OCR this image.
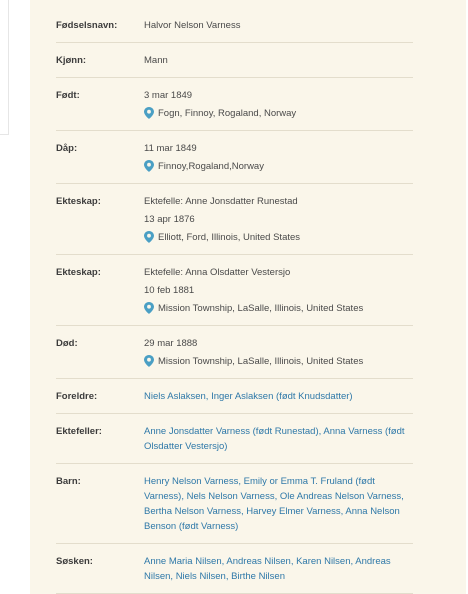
Fødselsnavn:	Halvor Nelson Varness
Kjønn:	Mann
Født:	3 mar 1849
Fogn, Finnoy, Rogaland, Norway
Dåp:	11 mar 1849
Finnoy,Rogaland,Norway
Ekteskap:	Ektefelle: Anne Jonsdatter Runestad
13 apr 1876
Elliott, Ford, Illinois, United States
Ekteskap:	Ektefelle: Anna Olsdatter Vestersjo
10 feb 1881
Mission Township, LaSalle, Illinois, United States
Død:	29 mar 1888
Mission Township, LaSalle, Illinois, United States
Foreldre:	Niels Aslaksen, Inger Aslaksen (født Knudsdatter)
Ektefeller:	Anne Jonsdatter Varness (født Runestad), Anna Varness (født Olsdatter Vestersjo)
Barn:	Henry Nelson Varness, Emily or Emma T. Fruland (født Varness), Nels Nelson Varness, Ole Andreas Nelson Varness, Bertha Nelson Varness, Harvey Elmer Varness, Anna Nelson Benson (født Varness)
Søsken:	Anne Maria Nilsen, Andreas Nilsen, Karen Nilsen, Andreas Nilsen, Niels Nilsen, Birthe Nilsen
